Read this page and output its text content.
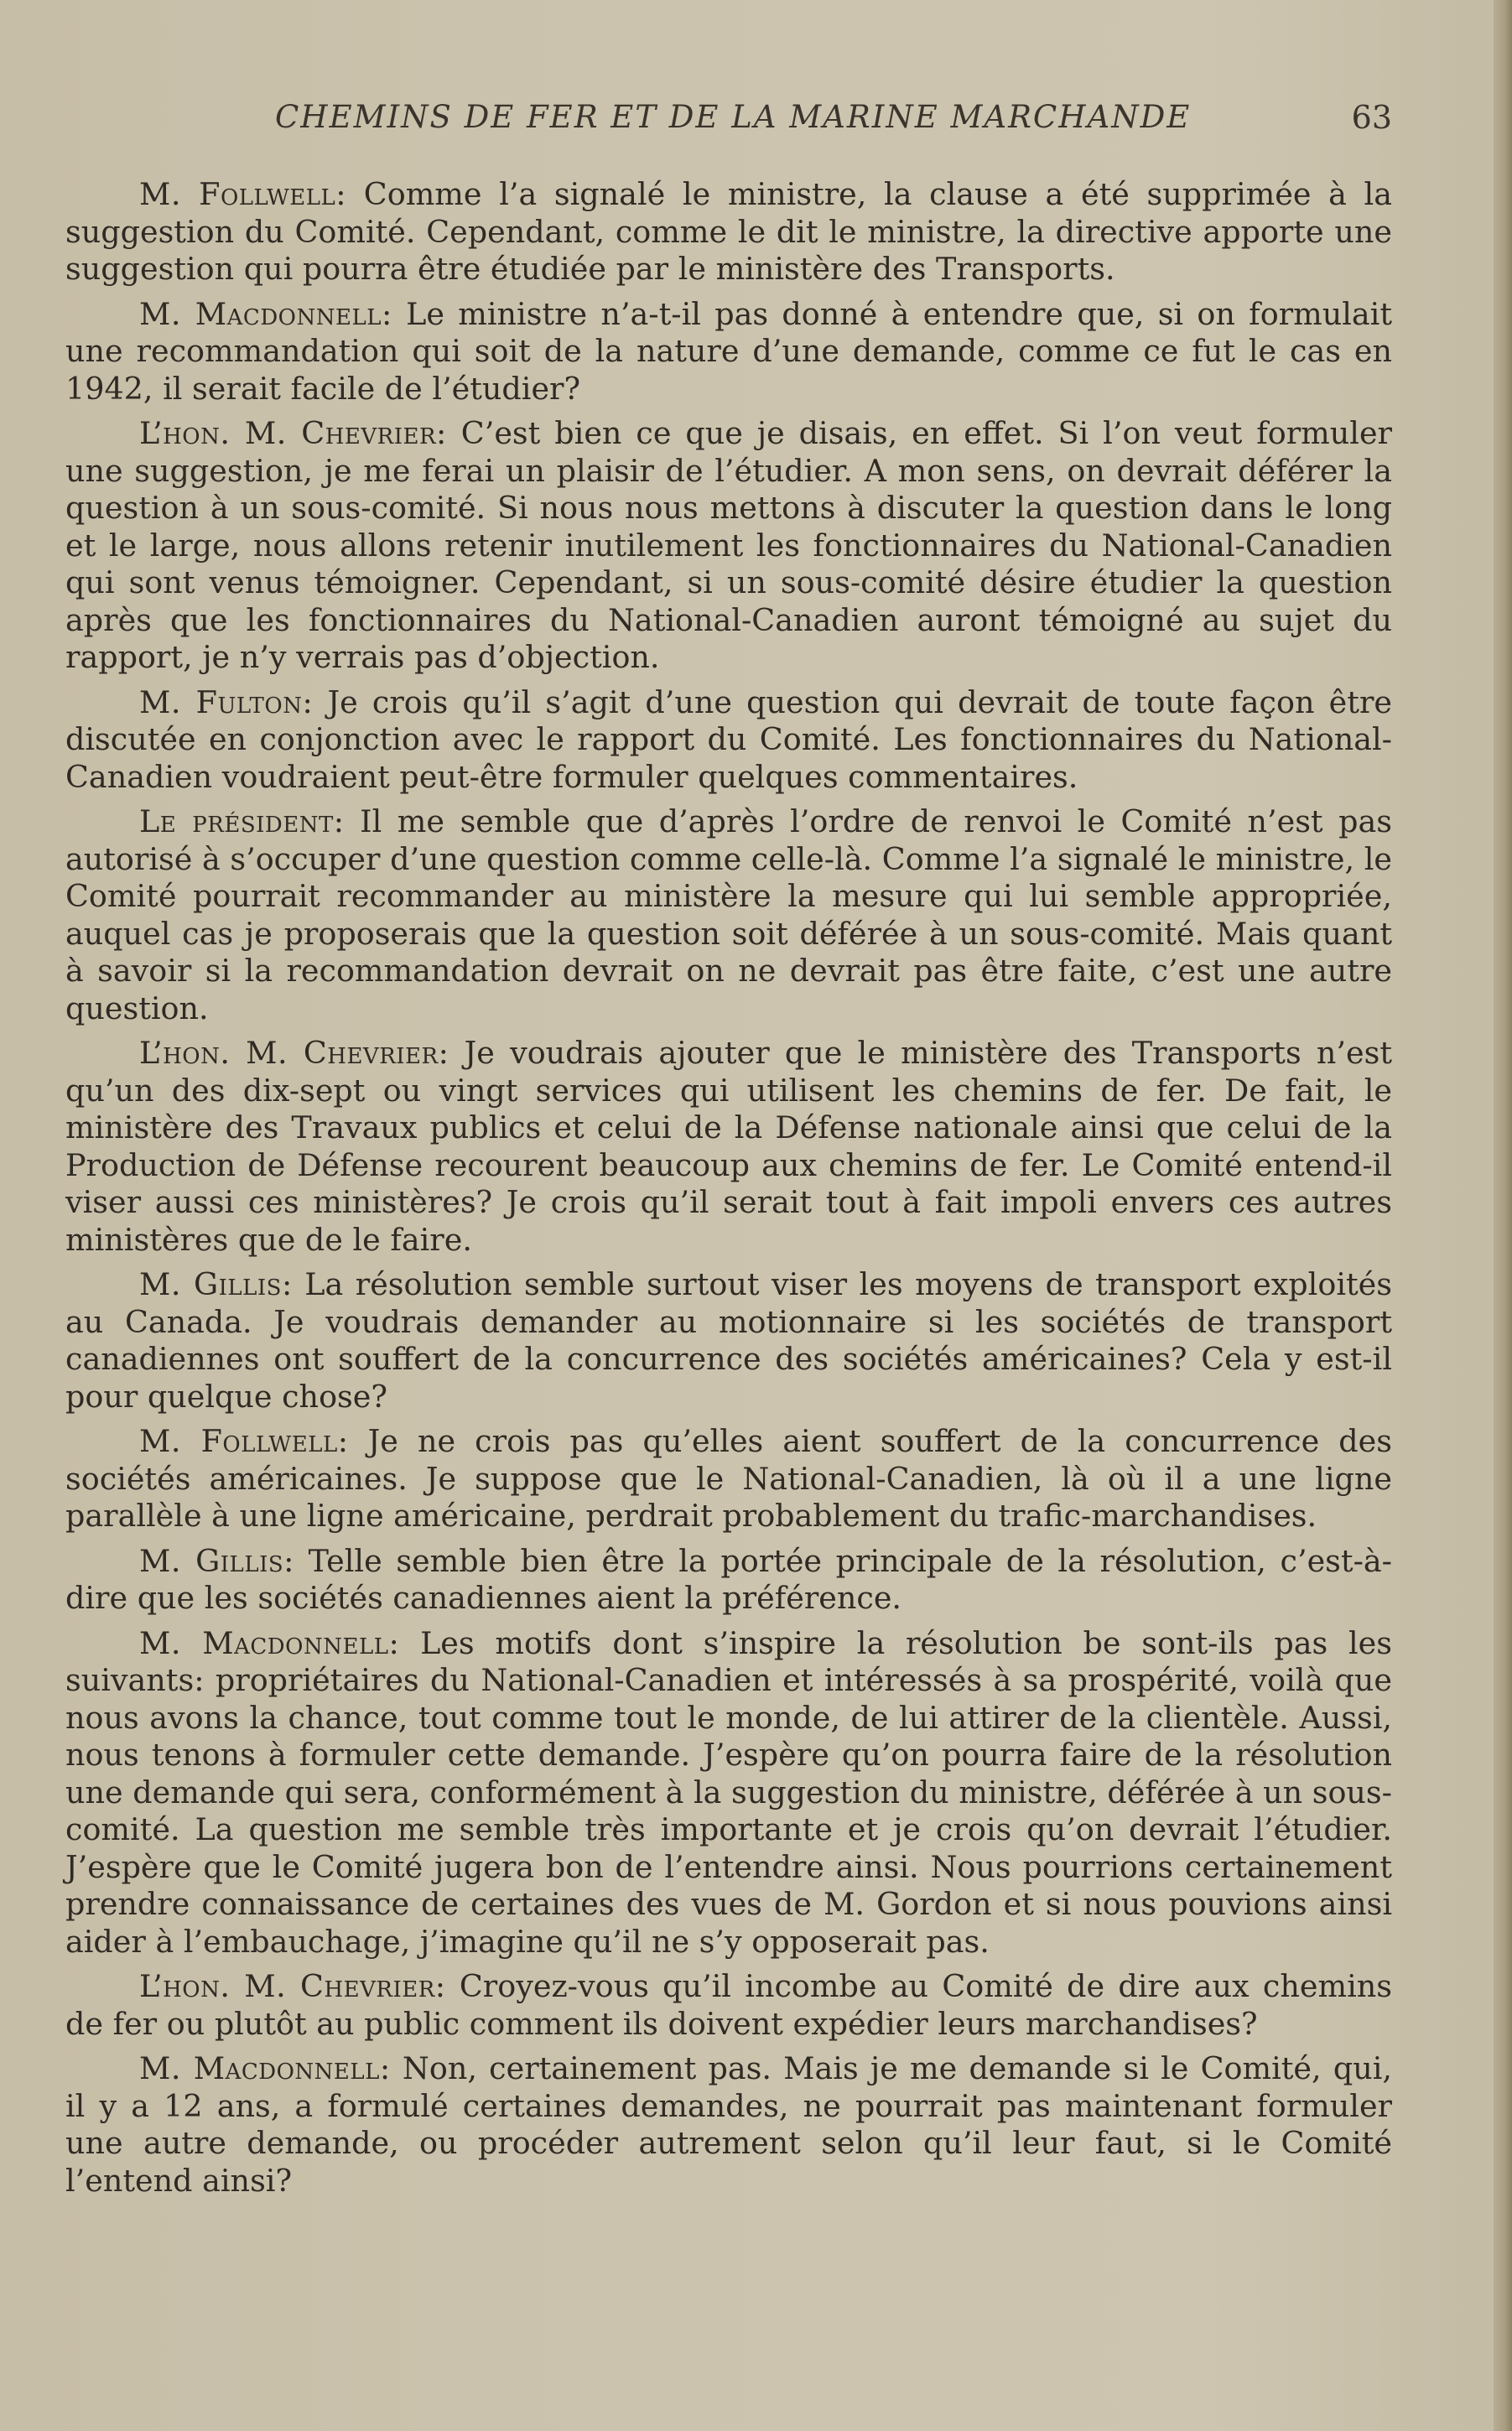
CHEMINS DE FER ET DE LA MARINE MARCHANDE	63

M. Follwell: Comme l’a signalé le ministre, la clause a été supprimée à la suggestion du Comité. Cependant, comme le dit le ministre, la directive apporte une suggestion qui pourra être étudiée par le ministère des Transports.

M. Macdonnell: Le ministre n’a-t-il pas donné à entendre que, si on formulait une recommandation qui soit de la nature d’une demande, comme ce fut le cas en 1942, il serait facile de l’étudier?

L’hon. M. Chevrier: C’est bien ce que je disais, en effet. Si l’on veut formuler une suggestion, je me ferai un plaisir de l’étudier. A mon sens, on devrait déférer la question à un sous-comité. Si nous nous mettons à discuter la question dans le long et le large, nous allons retenir inutilement les fonctionnaires du National-Canadien qui sont venus témoigner. Cependant, si un sous-comité désire étudier la question après que les fonctionnaires du National-Canadien auront témoigné au sujet du rapport, je n’y verrais pas d’objection.

M. Fulton: Je crois qu’il s’agit d’une question qui devrait de toute façon être discutée en conjonction avec le rapport du Comité. Les fonctionnaires du National-Canadien voudraient peut-être formuler quelques commentaires.

Le président: Il me semble que d’après l’ordre de renvoi le Comité n’est pas autorisé à s’occuper d’une question comme celle-là. Comme l’a signalé le ministre, le Comité pourrait recommander au ministère la mesure qui lui semble appropriée, auquel cas je proposerais que la question soit déférée à un sous-comité. Mais quant à savoir si la recommandation devrait on ne devrait pas être faite, c’est une autre question.

L’hon. M. Chevrier: Je voudrais ajouter que le ministère des Transports n’est qu’un des dix-sept ou vingt services qui utilisent les chemins de fer. De fait, le ministère des Travaux publics et celui de la Défense nationale ainsi que celui de la Production de Défense recourent beaucoup aux chemins de fer. Le Comité entend-il viser aussi ces ministères? Je crois qu’il serait tout à fait impoli envers ces autres ministères que de le faire.

M. Gillis: La résolution semble surtout viser les moyens de transport exploités au Canada. Je voudrais demander au motionnaire si les sociétés de transport canadiennes ont souffert de la concurrence des sociétés américaines? Cela y est-il pour quelque chose?

M. Follwell: Je ne crois pas qu’elles aient souffert de la concurrence des sociétés américaines. Je suppose que le National-Canadien, là où il a une ligne parallèle à une ligne américaine, perdrait probablement du trafic-marchandises.

M. Gillis: Telle semble bien être la portée principale de la résolution, c’est-à-dire que les sociétés canadiennes aient la préférence.

M. Macdonnell: Les motifs dont s’inspire la résolution be sont-ils pas les suivants: propriétaires du National-Canadien et intéressés à sa prospérité, voilà que nous avons la chance, tout comme tout le monde, de lui attirer de la clientèle. Aussi, nous tenons à formuler cette demande. J’espère qu’on pourra faire de la résolution une demande qui sera, conformément à la suggestion du ministre, déférée à un sous-comité. La question me semble très importante et je crois qu’on devrait l’étudier. J’espère que le Comité jugera bon de l’entendre ainsi. Nous pourrions certainement prendre connaissance de certaines des vues de M. Gordon et si nous pouvions ainsi aider à l’embauchage, j’imagine qu’il ne s’y opposerait pas.

L’hon. M. Chevrier: Croyez-vous qu’il incombe au Comité de dire aux chemins de fer ou plutôt au public comment ils doivent expédier leurs marchandises?

M. Macdonnell: Non, certainement pas. Mais je me demande si le Comité, qui, il y a 12 ans, a formulé certaines demandes, ne pourrait pas maintenant formuler une autre demande, ou procéder autrement selon qu’il leur faut, si le Comité l’entend ainsi?
